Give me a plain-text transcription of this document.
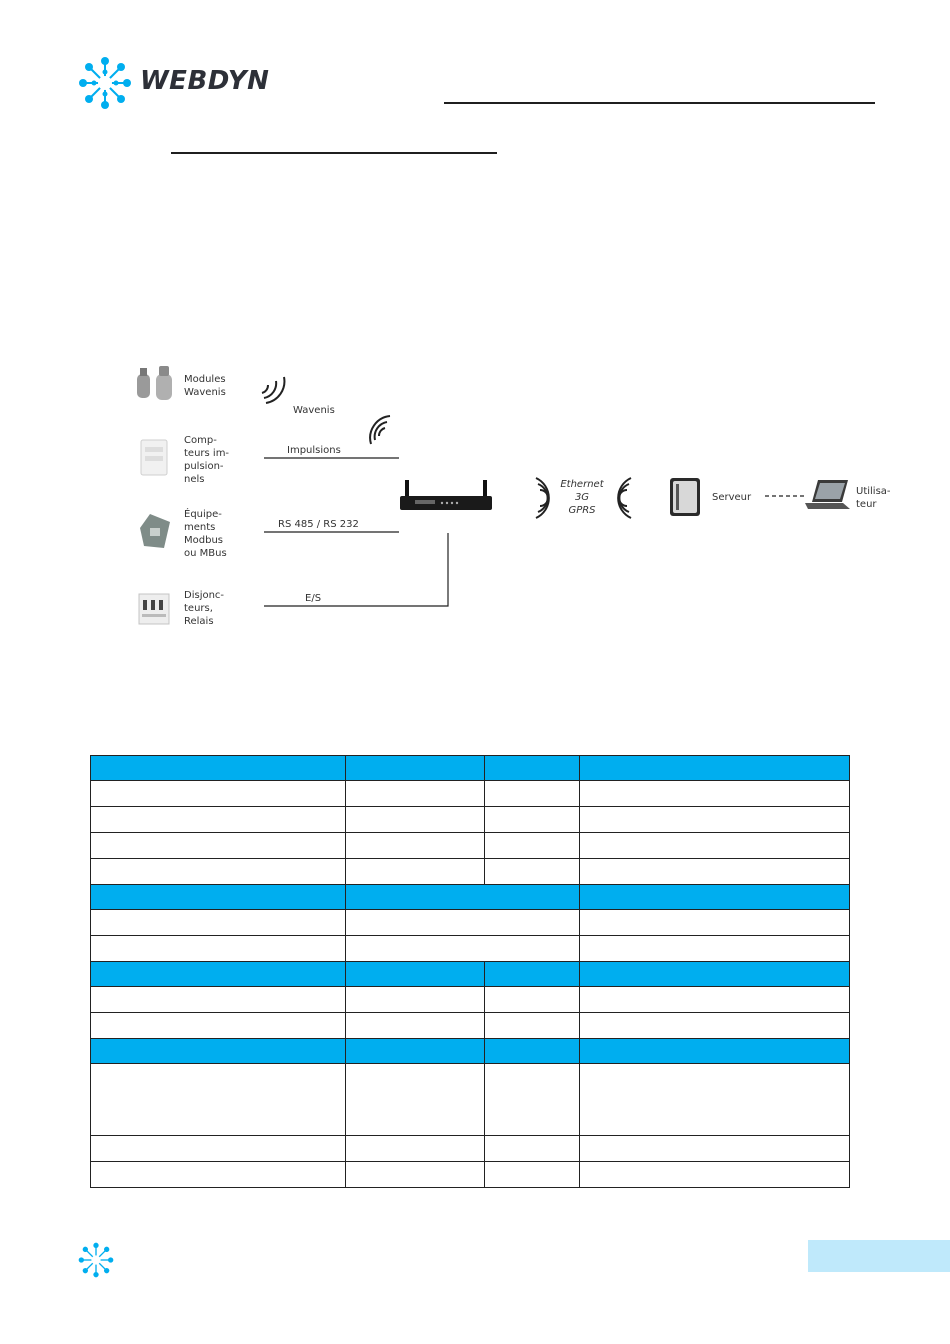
WEBDYN
Modules
Wavenis
Comp-
teurs im-
pulsion-
nels
Équipe-
ments
Modbus
ou MBus
Disjonc-
teurs,
Relais
Wavenis
Impulsions
RS 485 / RS 232
E/S
Ethernet
3G
GPRS
Serveur
Utilisa-
teur
